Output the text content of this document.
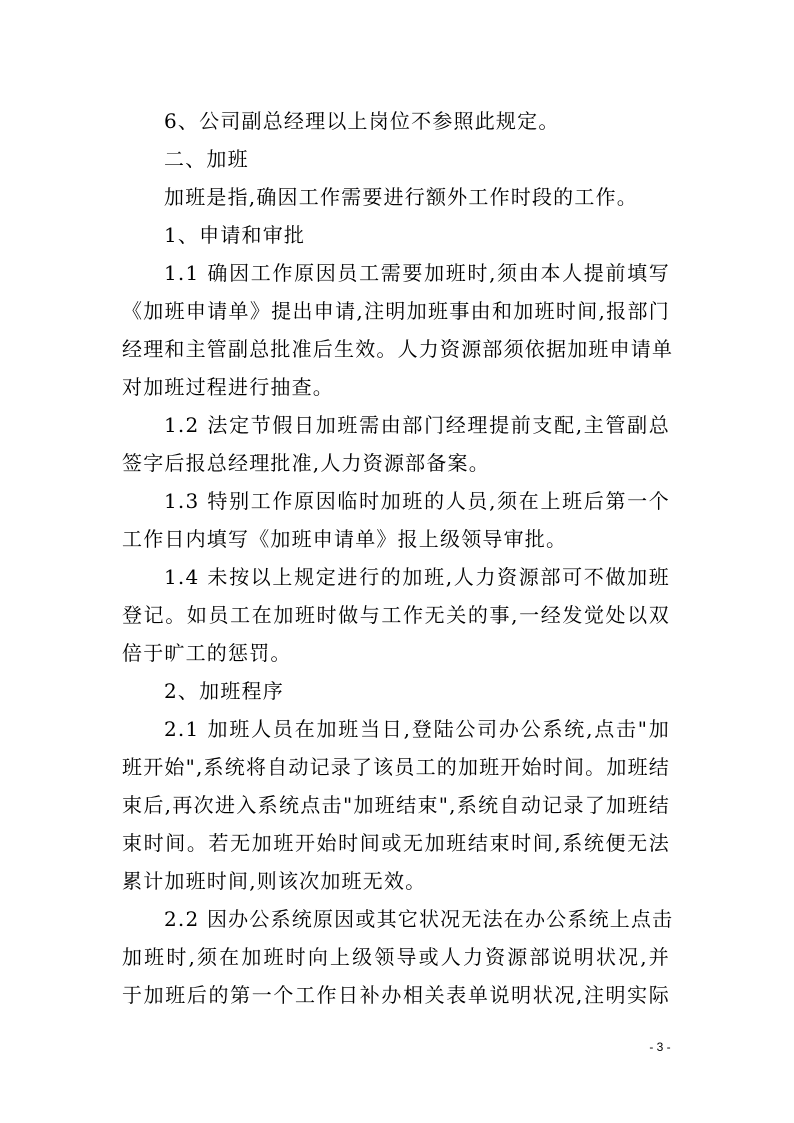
6、公司副总经理以上岗位不参照此规定。
二、加班
加班是指,确因工作需要进行额外工作时段的工作。
1、申请和审批
1.1 确因工作原因员工需要加班时,须由本人提前填写
《加班申请单》提出申请,注明加班事由和加班时间,报部门
经理和主管副总批准后生效。人力资源部须依据加班申请单
对加班过程进行抽查。
1.2 法定节假日加班需由部门经理提前支配,主管副总
签字后报总经理批准,人力资源部备案。
1.3 特别工作原因临时加班的人员,须在上班后第一个
工作日内填写《加班申请单》报上级领导审批。
1.4 未按以上规定进行的加班,人力资源部可不做加班
登记。如员工在加班时做与工作无关的事,一经发觉处以双
倍于旷工的惩罚。
2、加班程序
2.1 加班人员在加班当日,登陆公司办公系统,点击"加
班开始",系统将自动记录了该员工的加班开始时间。加班结
束后,再次进入系统点击"加班结束",系统自动记录了加班结
束时间。若无加班开始时间或无加班结束时间,系统便无法
累计加班时间,则该次加班无效。
2.2 因办公系统原因或其它状况无法在办公系统上点击
加班时,须在加班时向上级领导或人力资源部说明状况,并
于加班后的第一个工作日补办相关表单说明状况,注明实际
- 3 -
